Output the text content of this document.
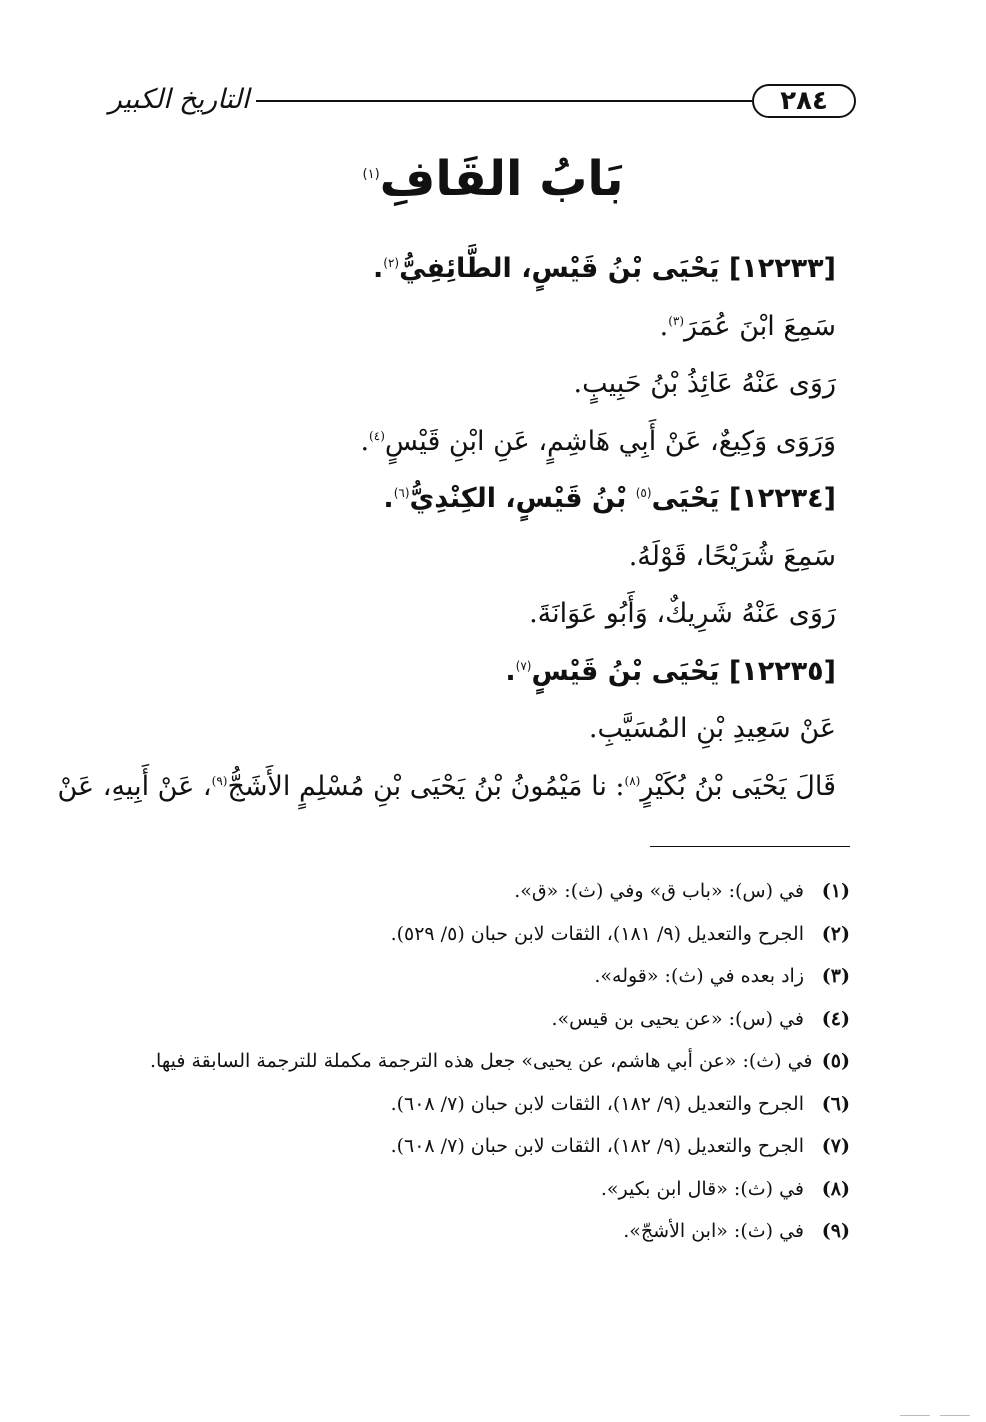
٢٨٤
التاريخ الكبير
بَابُ القَافِ$^{(١)}$
[١٢٢٣٣] يَحْيَى بْنُ قَيْسٍ، الطَّائِفِيُّ$^{(٢)}$.
سَمِعَ ابْنَ عُمَرَ$^{(٣)}$.
رَوَى عَنْهُ عَائِذُ بْنُ حَبِيبٍ.
وَرَوَى وَكِيعٌ، عَنْ أَبِي هَاشِمٍ، عَنِ ابْنِ قَيْسٍ$^{(٤)}$.
[١٢٢٣٤] يَحْيَى$^{(٥)}$ بْنُ قَيْسٍ، الكِنْدِيُّ$^{(٦)}$.
سَمِعَ شُرَيْحًا، قَوْلَهُ.
رَوَى عَنْهُ شَرِيكٌ، وَأَبُو عَوَانَةَ.
[١٢٢٣٥] يَحْيَى بْنُ قَيْسٍ$^{(٧)}$.
عَنْ سَعِيدِ بْنِ المُسَيَّبِ.
قَالَ يَحْيَى بْنُ بُكَيْرٍ$^{(٨)}$: نا مَيْمُونُ بْنُ يَحْيَى بْنِ مُسْلِمٍ الأَشَجُّ$^{(٩)}$، عَنْ أَبِيهِ، عَنْ
(١)
في (س): «باب ق» وفي (ث): «ق».
(٢)
الجرح والتعديل (٩/ ١٨١)، الثقات لابن حبان (٥/ ٥٢٩).
(٣)
زاد بعده في (ث): «قوله».
(٤)
في (س): «عن يحيى بن قيس».
(٥)
في (ث): «عن أبي هاشم، عن يحيى» جعل هذه الترجمة مكملة للترجمة السابقة فيها.
(٦)
الجرح والتعديل (٩/ ١٨٢)، الثقات لابن حبان (٧/ ٦٠٨).
(٧)
الجرح والتعديل (٩/ ١٨٢)، الثقات لابن حبان (٧/ ٦٠٨).
(٨)
في (ث): «قال ابن بكير».
(٩)
في (ث): «ابن الأشجّ».
